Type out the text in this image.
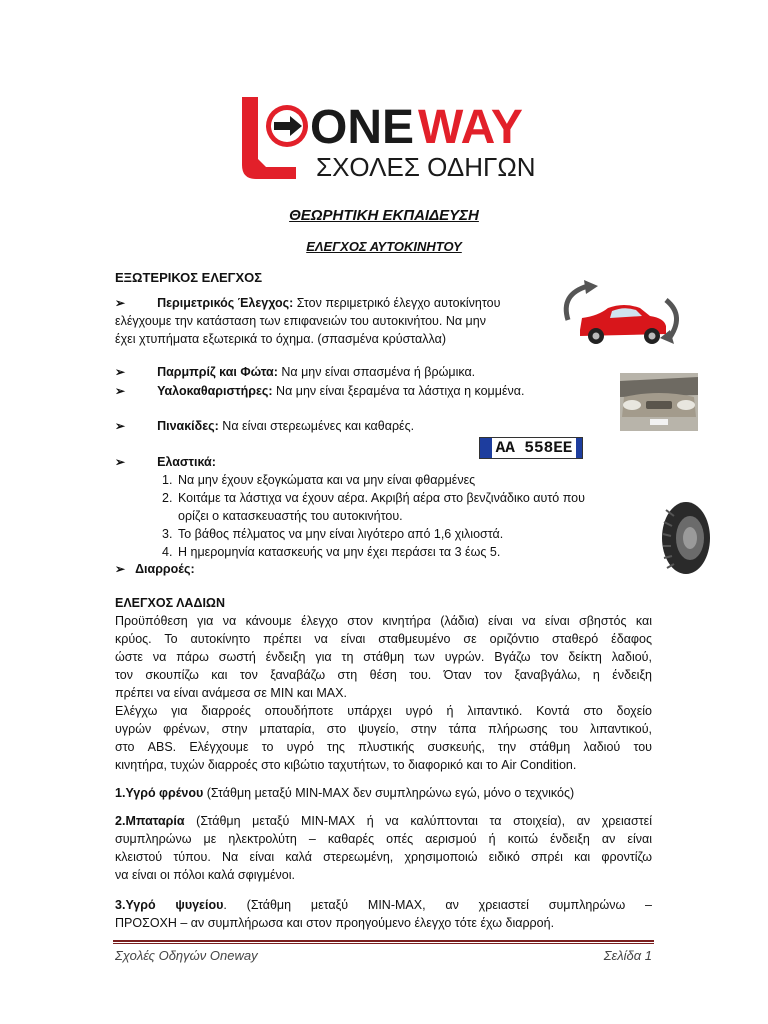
ONE WAY
ΣΧΟΛΕΣ ΟΔΗΓΩΝ
ΘΕΩΡΗΤΙΚΗ ΕΚΠΑΙΔΕΥΣΗ
ΕΛΕΓΧΟΣ ΑΥΤΟΚΙΝΗΤΟΥ
ΕΞΩΤΕΡΙΚΟΣ ΕΛΕΓΧΟΣ
➢	Περιμετρικός Έλεγχος: Στον περιμετρικό έλεγχο αυτοκίνητου
ελέγχουμε την κατάσταση των επιφανειών του αυτοκινήτου. Να μην
έχει χτυπήματα εξωτερικά το όχημα. (σπασμένα κρύσταλλα)
➢	Παρμπρίζ και Φώτα: Να μην είναι σπασμένα ή βρώμικα.
➢	Υαλοκαθαριστήρες: Να μην είναι ξεραμένα τα λάστιχα η κομμένα.
➢	Πινακίδες: Να είναι στερεωμένες και καθαρές.
AA 558EE
➢	Ελαστικά:
1. Να μην έχουν εξογκώματα και να μην είναι φθαρμένες
2. Κοιτάμε τα λάστιχα να έχουν αέρα. Ακριβή αέρα στο βενζινάδικο αυτό που
ορίζει ο κατασκευαστής του αυτοκινήτου.
3. Το βάθος πέλματος να μην είναι λιγότερο από 1,6 χιλιοστά.
4. Η ημερομηνία κατασκευής να μην έχει περάσει τα 3 έως 5.
➢ Διαρροές:
ΕΛΕΓΧΟΣ ΛΑΔΙΩΝ
Προϋπόθεση για να κάνουμε έλεγχο στον κινητήρα (λάδια) είναι να είναι σβηστός και
κρύος. Το αυτοκίνητο πρέπει να είναι σταθμευμένο σε οριζόντιο σταθερό έδαφος
ώστε να πάρω σωστή ένδειξη για τη στάθμη των υγρών. Βγάζω τον δείκτη λαδιού,
τον σκουπίζω και τον ξαναβάζω στη θέση του. Όταν τον ξαναβγάλω, η ένδειξη
πρέπει να είναι ανάμεσα σε MIN και MAX.
Ελέγχω για διαρροές οπουδήποτε υπάρχει υγρό ή λιπαντικό. Κοντά στο δοχείο
υγρών φρένων, στην μπαταρία, στο ψυγείο, στην τάπα πλήρωσης του λιπαντικού,
στο ABS. Ελέγχουμε το υγρό της πλυστικής συσκευής, την στάθμη λαδιού του
κινητήρα, τυχών διαρροές στο κιβώτιο ταχυτήτων, το διαφορικό και το Air Condition.
1.Υγρό φρένου (Στάθμη μεταξύ MIN-MAX δεν συμπληρώνω εγώ, μόνο ο τεχνικός)
2.Μπαταρία (Στάθμη μεταξύ MIN-MAX ή να καλύπτονται τα στοιχεία), αν χρειαστεί
συμπληρώνω με ηλεκτρολύτη – καθαρές οπές αερισμού ή κοιτώ ένδειξη αν είναι
κλειστού τύπου. Να είναι καλά στερεωμένη, χρησιμοποιώ ειδικό σπρέι και φροντίζω
να είναι οι πόλοι καλά σφιγμένοι.
3.Υγρό ψυγείου. (Στάθμη μεταξύ MIN-MAX, αν χρειαστεί συμπληρώνω –
ΠΡΟΣΟΧΗ – αν συμπλήρωσα και στον προηγούμενο έλεγχο τότε έχω διαρροή.
Σχολές Οδηγών Oneway	Σελίδα 1
